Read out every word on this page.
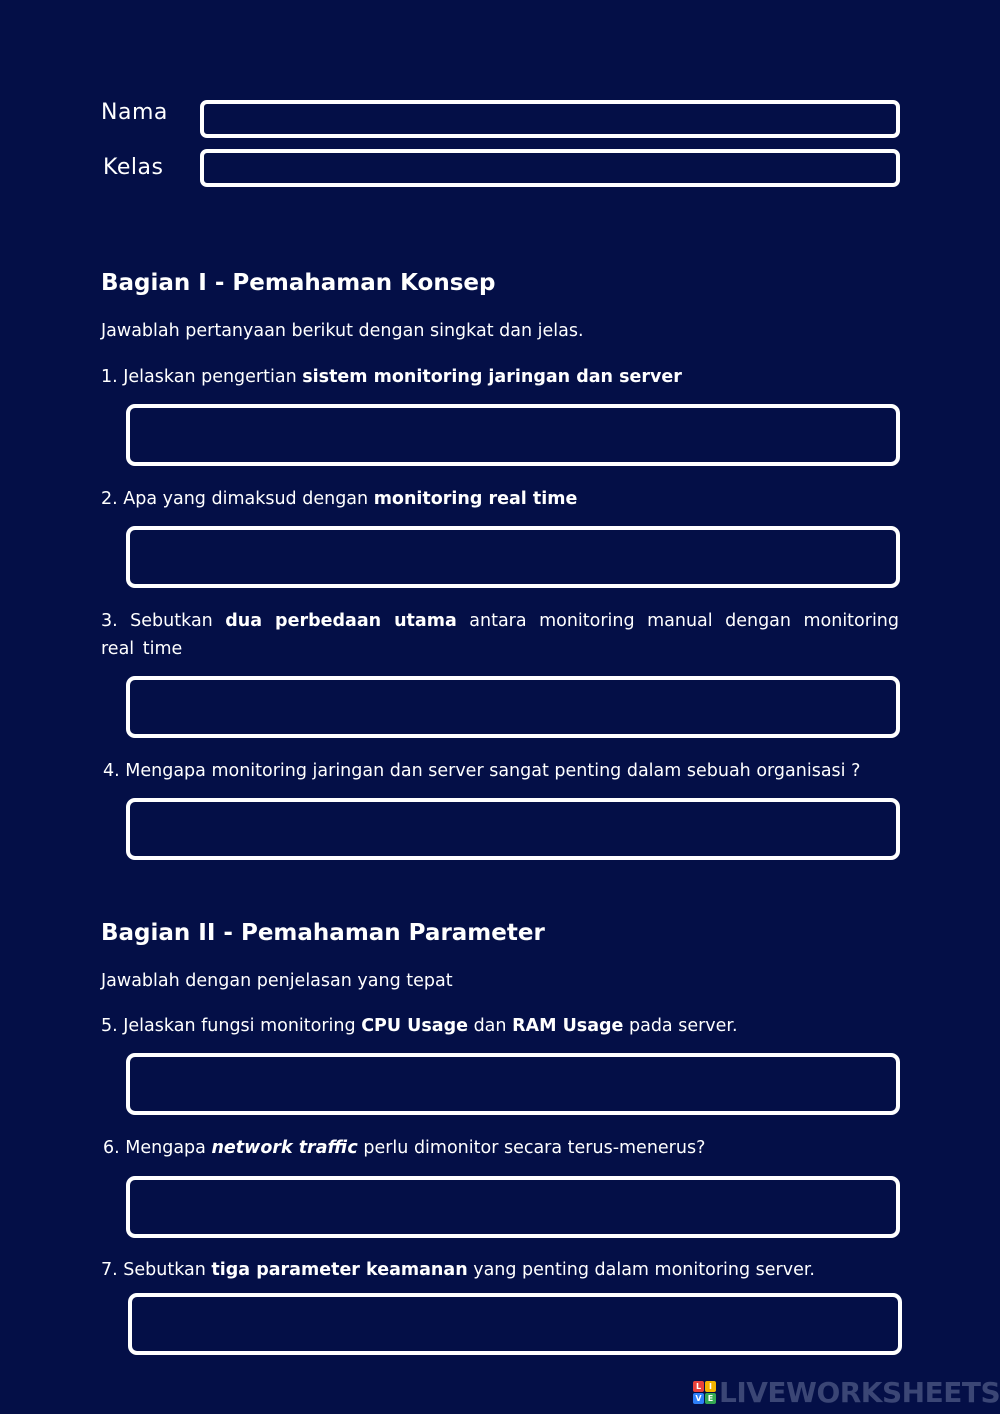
Nama
Kelas
Bagian I - Pemahaman Konsep

Jawablah pertanyaan berikut dengan singkat dan jelas.

1. Jelaskan pengertian sistem monitoring jaringan dan server

2. Apa yang dimaksud dengan monitoring real time

3. Sebutkan dua perbedaan utama antara monitoring manual dengan monitoring real time

4. Mengapa monitoring jaringan dan server sangat penting dalam sebuah organisasi ?

Bagian II - Pemahaman Parameter

Jawablah dengan penjelasan yang tepat

5. Jelaskan fungsi monitoring CPU Usage dan RAM Usage pada server.

6. Mengapa network traffic perlu dimonitor secara terus-menerus?

7. Sebutkan tiga parameter keamanan yang penting dalam monitoring server.

L I
V E LIVEWORKSHEETS
